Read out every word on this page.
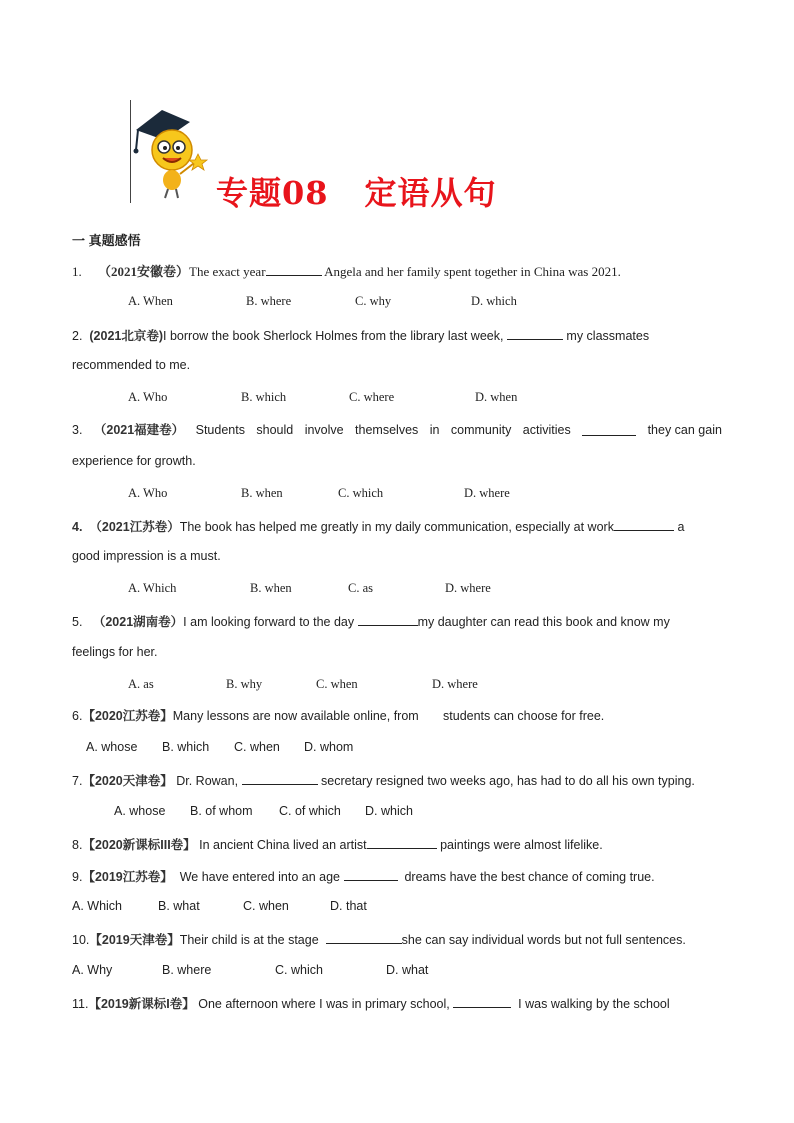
专题08 定语从句
一 真题感悟
1. （2021安徽卷）The exact year	Angela and her family spent together in China was 2021.
A. When	B. where	C. why	D. which
2. (2021北京卷)I borrow the book Sherlock Holmes from the library last week,	my classmates
recommended to me.
A. Who	B. which	C. where	D. when
3. （2021福建卷） Students should involve themselves in community activities	they can gain
experience for growth.
A. Who	B. when	C. which	D. where
4. （2021江苏卷）The book has helped me greatly in my daily communication, especially at work	a
good impression is a must.
A. Which	B. when	C. as	D. where
5. （2021湖南卷）I am looking forward to the day	my daughter can read this book and know my
feelings for her.
A. as	B. why	C. when	D. where
6.【2020江苏卷】Many lessons are now available online, from students can choose for free.
A. whose B. which C. when D. whom
7.【2020天津卷】 Dr. Rowan,	secretary resigned two weeks ago, has had to do all his own typing.
A. whose B. of whom C. of which D. which
8.【2020新课标III卷】 In ancient China lived an artist	paintings were almost lifelike.
9.【2019江苏卷】 We have entered into an age	dreams have the best chance of coming true.
A. Which	B. what	C. when	D. that
10.【2019天津卷】Their child is at the stage	she can say individual words but not full sentences.
A. Why	B. where	C. which	D. what
11.【2019新课标I卷】 One afternoon where I was in primary school,	I was walking by the school
